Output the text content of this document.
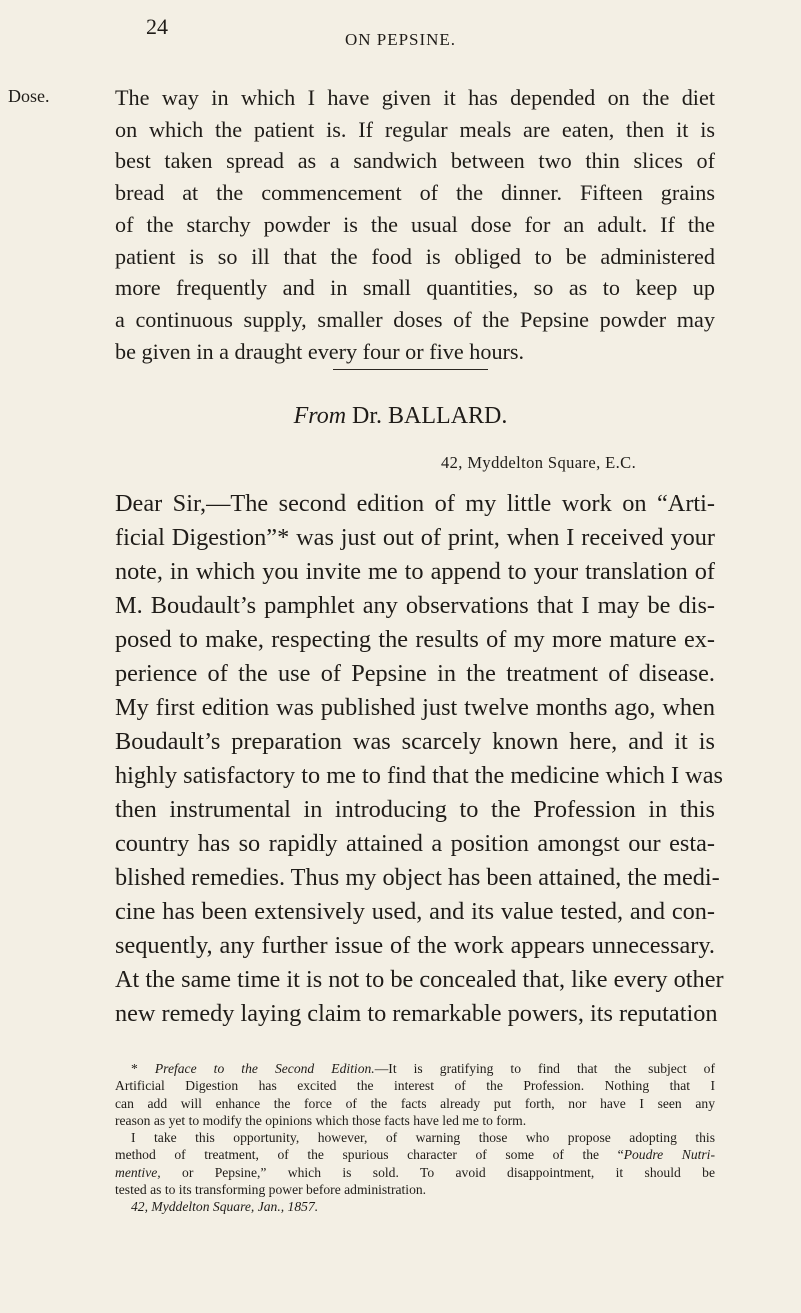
24
ON PEPSINE.
Dose.	The way in which I have given it has depended on the diet
on which the patient is. If regular meals are eaten, then it is
best taken spread as a sandwich between two thin slices of
bread at the commencement of the dinner. Fifteen grains
of the starchy powder is the usual dose for an adult. If the
patient is so ill that the food is obliged to be administered
more frequently and in small quantities, so as to keep up
a continuous supply, smaller doses of the Pepsine powder may
be given in a draught every four or five hours.
From Dr. BALLARD.
42, Myddelton Square, E.C.
Dear Sir,—The second edition of my little work on “Arti-
ficial Digestion”* was just out of print, when I received your
note, in which you invite me to append to your translation of
M. Boudault’s pamphlet any observations that I may be dis-
posed to make, respecting the results of my more mature ex-
perience of the use of Pepsine in the treatment of disease.
My first edition was published just twelve months ago, when
Boudault’s preparation was scarcely known here, and it is
highly satisfactory to me to find that the medicine which I was
then instrumental in introducing to the Profession in this
country has so rapidly attained a position amongst our esta-
blished remedies. Thus my object has been attained, the medi-
cine has been extensively used, and its value tested, and con-
sequently, any further issue of the work appears unnecessary.
At the same time it is not to be concealed that, like every other
new remedy laying claim to remarkable powers, its reputation
* Preface to the Second Edition.—It is gratifying to find that the subject of
Artificial Digestion has excited the interest of the Profession. Nothing that I
can add will enhance the force of the facts already put forth, nor have I seen any
reason as yet to modify the opinions which those facts have led me to form.
I take this opportunity, however, of warning those who propose adopting this
method of treatment, of the spurious character of some of the “Poudre Nutri-
mentive, or Pepsine,” which is sold. To avoid disappointment, it should be
tested as to its transforming power before administration.
42, Myddelton Square, Jan., 1857.
